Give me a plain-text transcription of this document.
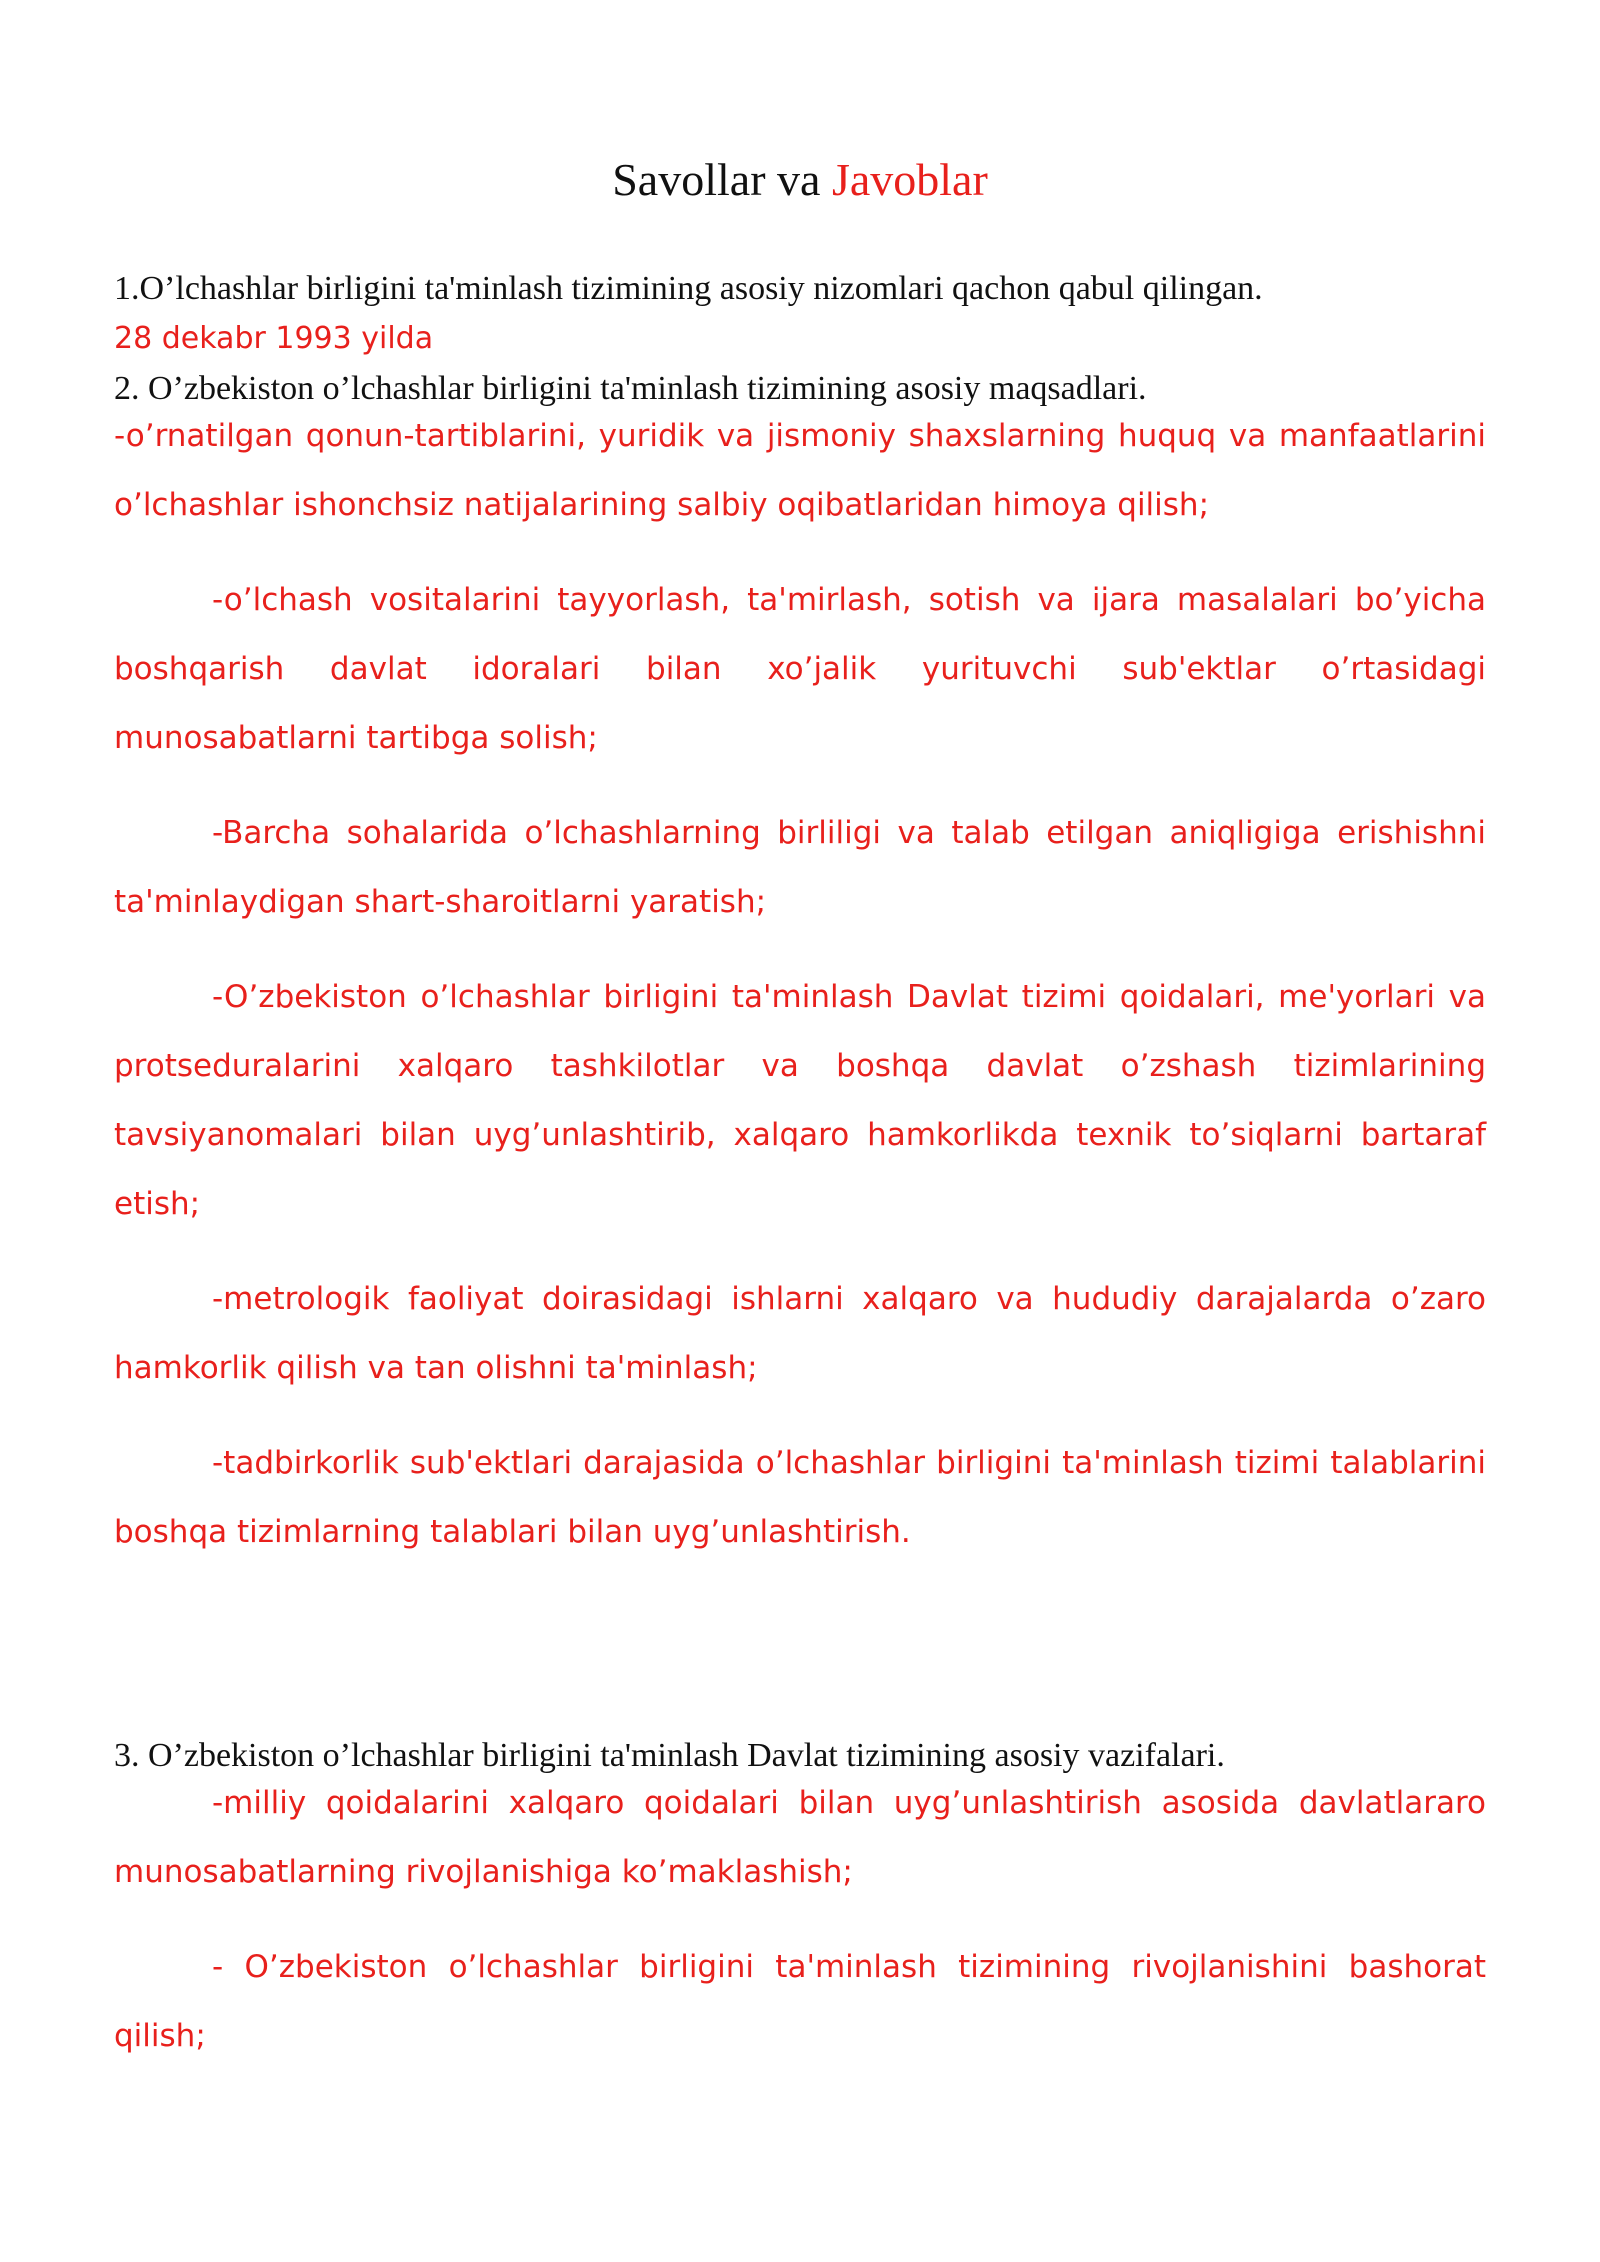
Savollar va Javoblar

1.O’lchashlar birligini ta'minlash tizimining asosiy nizomlari qachon qabul qilingan.

28 dekabr 1993 yilda

2. O’zbekiston o’lchashlar birligini ta'minlash tizimining asosiy maqsadlari.

-o’rnatilgan qonun-tartiblarini, yuridik va jismoniy shaxslarning huquq va manfaatlarini o’lchashlar ishonchsiz natijalarining salbiy oqibatlaridan himoya qilish;

-o’lchash vositalarini tayyorlash, ta'mirlash, sotish va ijara masalalari bo’yicha boshqarish davlat idoralari bilan xo’jalik yurituvchi sub'ektlar o’rtasidagi munosabatlarni tartibga solish;

-Barcha sohalarida o’lchashlarning birliligi va talab etilgan aniqligiga erishishni ta'minlaydigan shart-sharoitlarni yaratish;

-O’zbekiston o’lchashlar birligini ta'minlash Davlat tizimi qoidalari, me'yorlari va protseduralarini xalqaro tashkilotlar va boshqa davlat o’zshash tizimlarining tavsiyanomalari bilan uyg’unlashtirib, xalqaro hamkorlikda texnik to’siqlarni bartaraf etish;

-metrologik faoliyat doirasidagi ishlarni xalqaro va hududiy darajalarda o’zaro hamkorlik qilish va tan olishni ta'minlash;

-tadbirkorlik sub'ektlari darajasida o’lchashlar birligini ta'minlash tizimi talablarini boshqa tizimlarning talablari bilan uyg’unlashtirish.

3. O’zbekiston o’lchashlar birligini ta'minlash Davlat tizimining asosiy vazifalari.

-milliy qoidalarini xalqaro qoidalari bilan uyg’unlashtirish asosida davlatlararo munosabatlarning rivojlanishiga ko’maklashish;

- O’zbekiston o’lchashlar birligini ta'minlash tizimining rivojlanishini bashorat qilish;
